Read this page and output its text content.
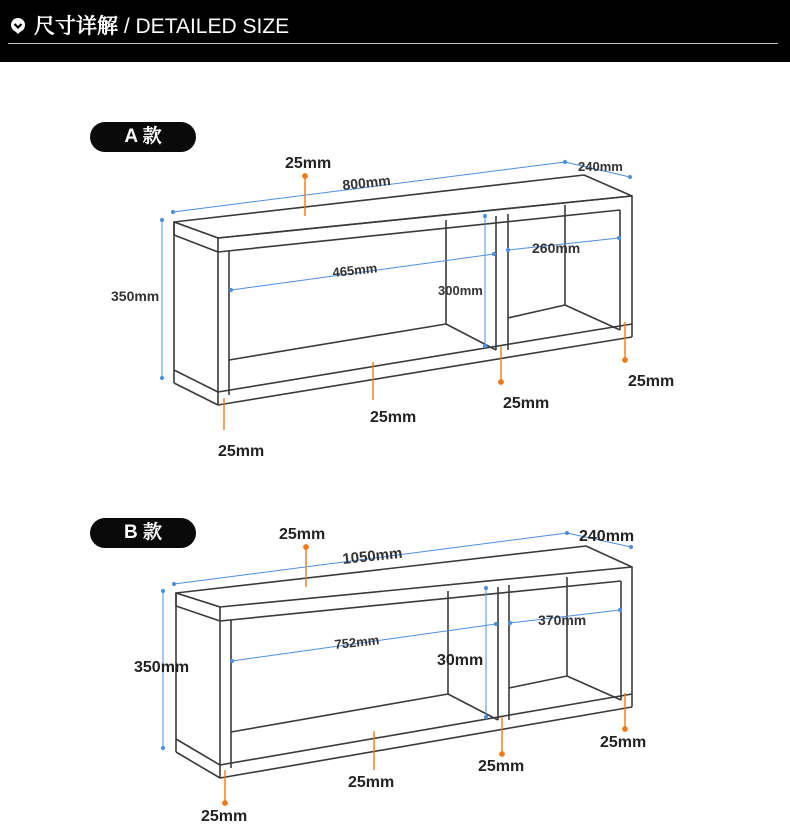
尺寸详解 / DETAILED SIZE
A 款
B 款
25mm
800mm
240mm
350mm
465mm
260mm
300mm
25mm
25mm
25mm
25mm
25mm
1050mm
240mm
350mm
752mm
370mm
30mm
25mm
25mm
25mm
25mm
